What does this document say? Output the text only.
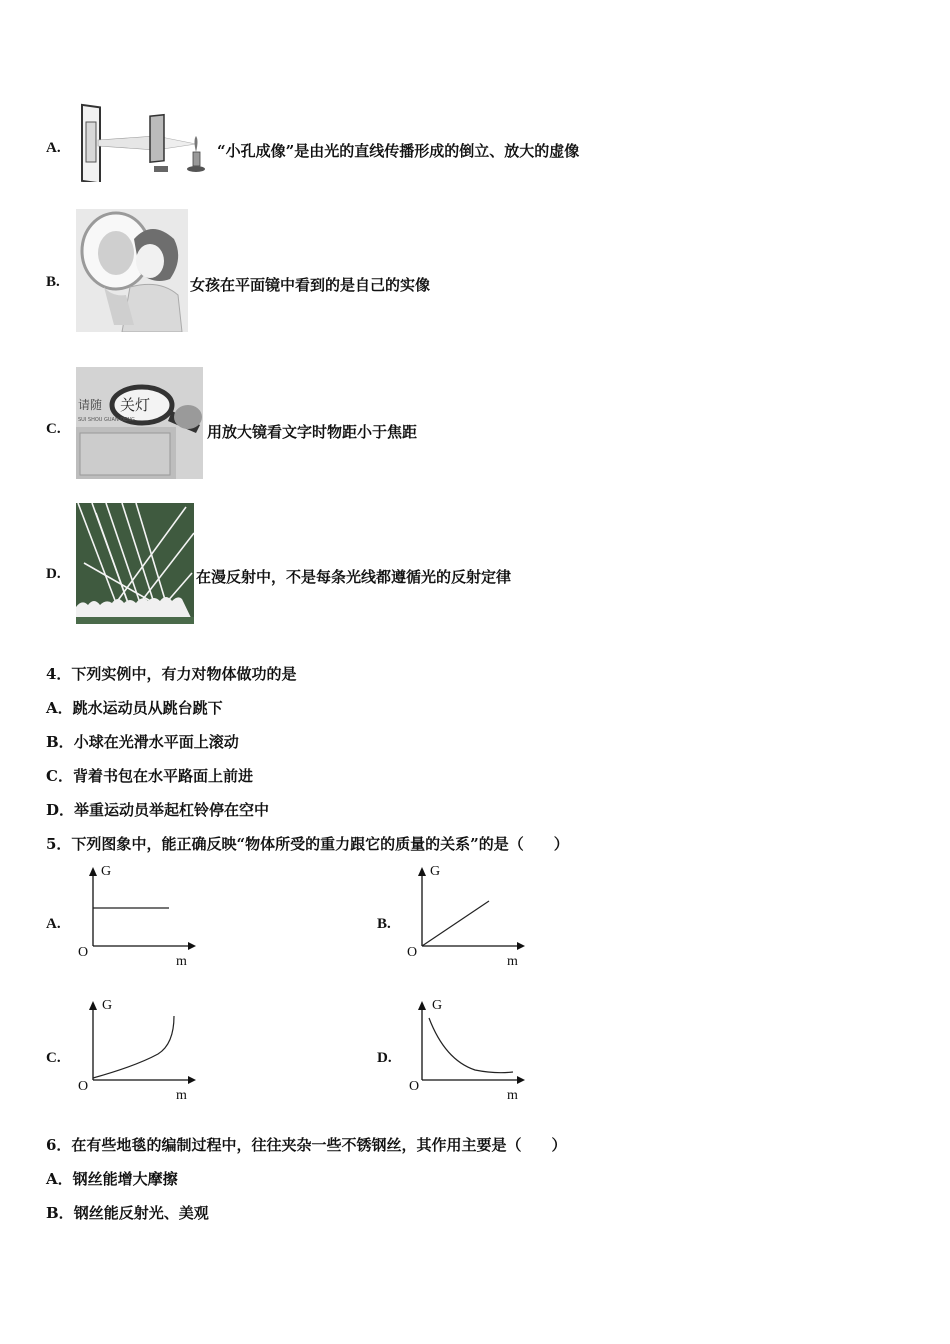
A.	“小孔成像”是由光的直线传播形成的倒立、放大的虚像
B.	女孩在平面镜中看到的是自己的实像
C.
请随 关灯
SUI SHOU GUAN DENG
用放大镜看文字时物距小于焦距
D.	在漫反射中，不是每条光线都遵循光的反射定律
4．下列实例中，有力对物体做功的是
A．跳水运动员从跳台跳下
B．小球在光滑水平面上滚动
C．背着书包在水平路面上前进
D．举重运动员举起杠铃停在空中
5．下列图象中，能正确反映“物体所受的重力跟它的质量的关系”的是（　　）
A.
G
O
m
B.
G
O
m
C.
G
O
m
D.
G
O
m
6．在有些地毯的编制过程中，往往夹杂一些不锈钢丝，其作用主要是（　　）
A．钢丝能增大摩擦
B．钢丝能反射光、美观
